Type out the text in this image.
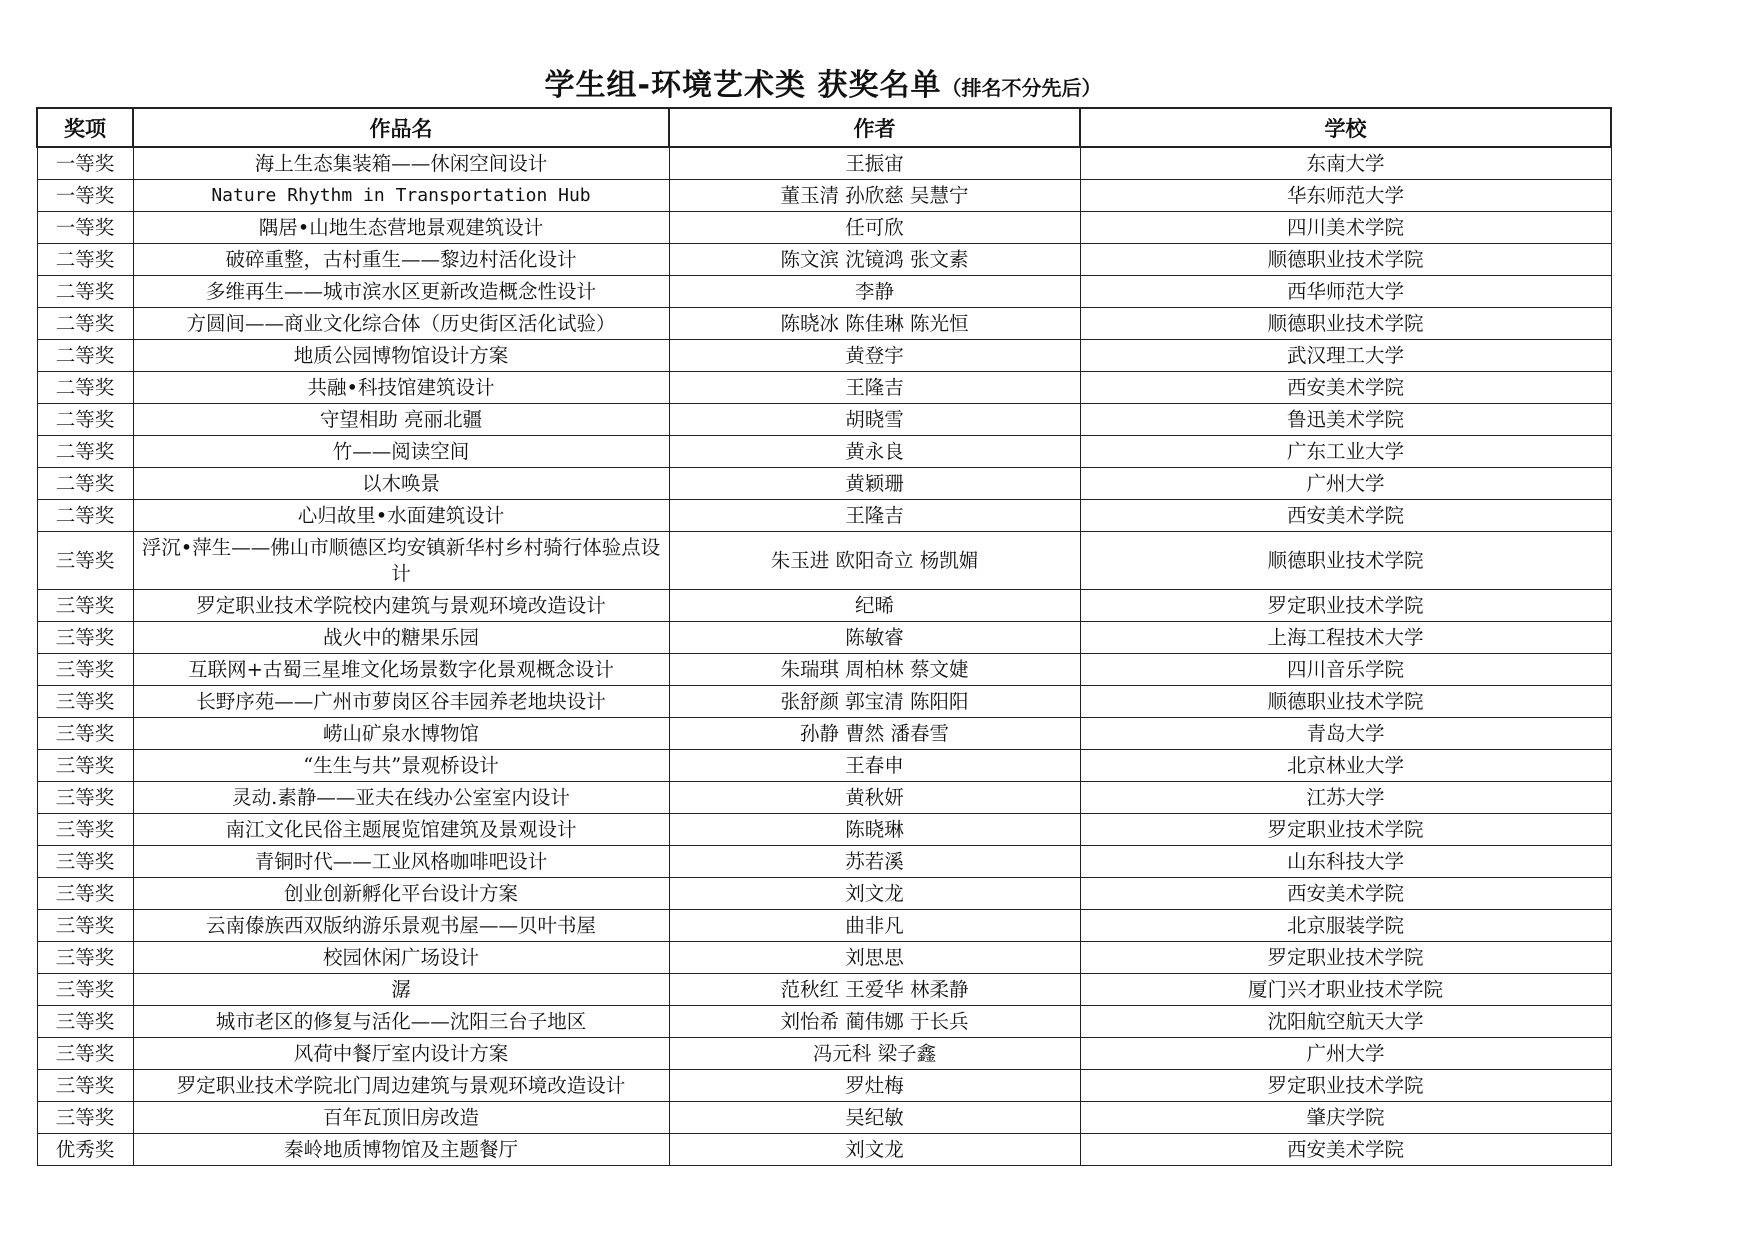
学生组-环境艺术类 获奖名单（排名不分先后）
奖项	作品名	作者	学校
一等奖	海上生态集装箱——休闲空间设计	王振宙	东南大学
一等奖	Nature Rhythm in Transportation Hub	董玉清 孙欣慈 吴慧宁	华东师范大学
一等奖	隅居•山地生态营地景观建筑设计	任可欣	四川美术学院
二等奖	破碎重整，古村重生——黎边村活化设计	陈文滨 沈镜鸿 张文素	顺德职业技术学院
二等奖	多维再生——城市滨水区更新改造概念性设计	李静	西华师范大学
二等奖	方圆间——商业文化综合体（历史街区活化试验）	陈晓冰 陈佳琳 陈光恒	顺德职业技术学院
二等奖	地质公园博物馆设计方案	黄登宇	武汉理工大学
二等奖	共融•科技馆建筑设计	王隆吉	西安美术学院
二等奖	守望相助 亮丽北疆	胡晓雪	鲁迅美术学院
二等奖	竹——阅读空间	黄永良	广东工业大学
二等奖	以木唤景	黄颖珊	广州大学
二等奖	心归故里•水面建筑设计	王隆吉	西安美术学院
三等奖	浮沉•萍生——佛山市顺德区均安镇新华村乡村骑行体验点设计	朱玉进 欧阳奇立 杨凯媚	顺德职业技术学院
三等奖	罗定职业技术学院校内建筑与景观环境改造设计	纪晞	罗定职业技术学院
三等奖	战火中的糖果乐园	陈敏睿	上海工程技术大学
三等奖	互联网+古蜀三星堆文化场景数字化景观概念设计	朱瑞琪 周柏林 蔡文婕	四川音乐学院
三等奖	长野序苑——广州市萝岗区谷丰园养老地块设计	张舒颜 郭宝清 陈阳阳	顺德职业技术学院
三等奖	崂山矿泉水博物馆	孙静 曹然 潘春雪	青岛大学
三等奖	“生生与共”景观桥设计	王春申	北京林业大学
三等奖	灵动.素静——亚夫在线办公室室内设计	黄秋妍	江苏大学
三等奖	南江文化民俗主题展览馆建筑及景观设计	陈晓琳	罗定职业技术学院
三等奖	青铜时代——工业风格咖啡吧设计	苏若溪	山东科技大学
三等奖	创业创新孵化平台设计方案	刘文龙	西安美术学院
三等奖	云南傣族西双版纳游乐景观书屋——贝叶书屋	曲非凡	北京服装学院
三等奖	校园休闲广场设计	刘思思	罗定职业技术学院
三等奖	潺	范秋红 王爱华 林柔静	厦门兴才职业技术学院
三等奖	城市老区的修复与活化——沈阳三台子地区	刘怡希 蔺伟娜 于长兵	沈阳航空航天大学
三等奖	风荷中餐厅室内设计方案	冯元科 梁子鑫	广州大学
三等奖	罗定职业技术学院北门周边建筑与景观环境改造设计	罗灶梅	罗定职业技术学院
三等奖	百年瓦顶旧房改造	吴纪敏	肇庆学院
优秀奖	秦岭地质博物馆及主题餐厅	刘文龙	西安美术学院
